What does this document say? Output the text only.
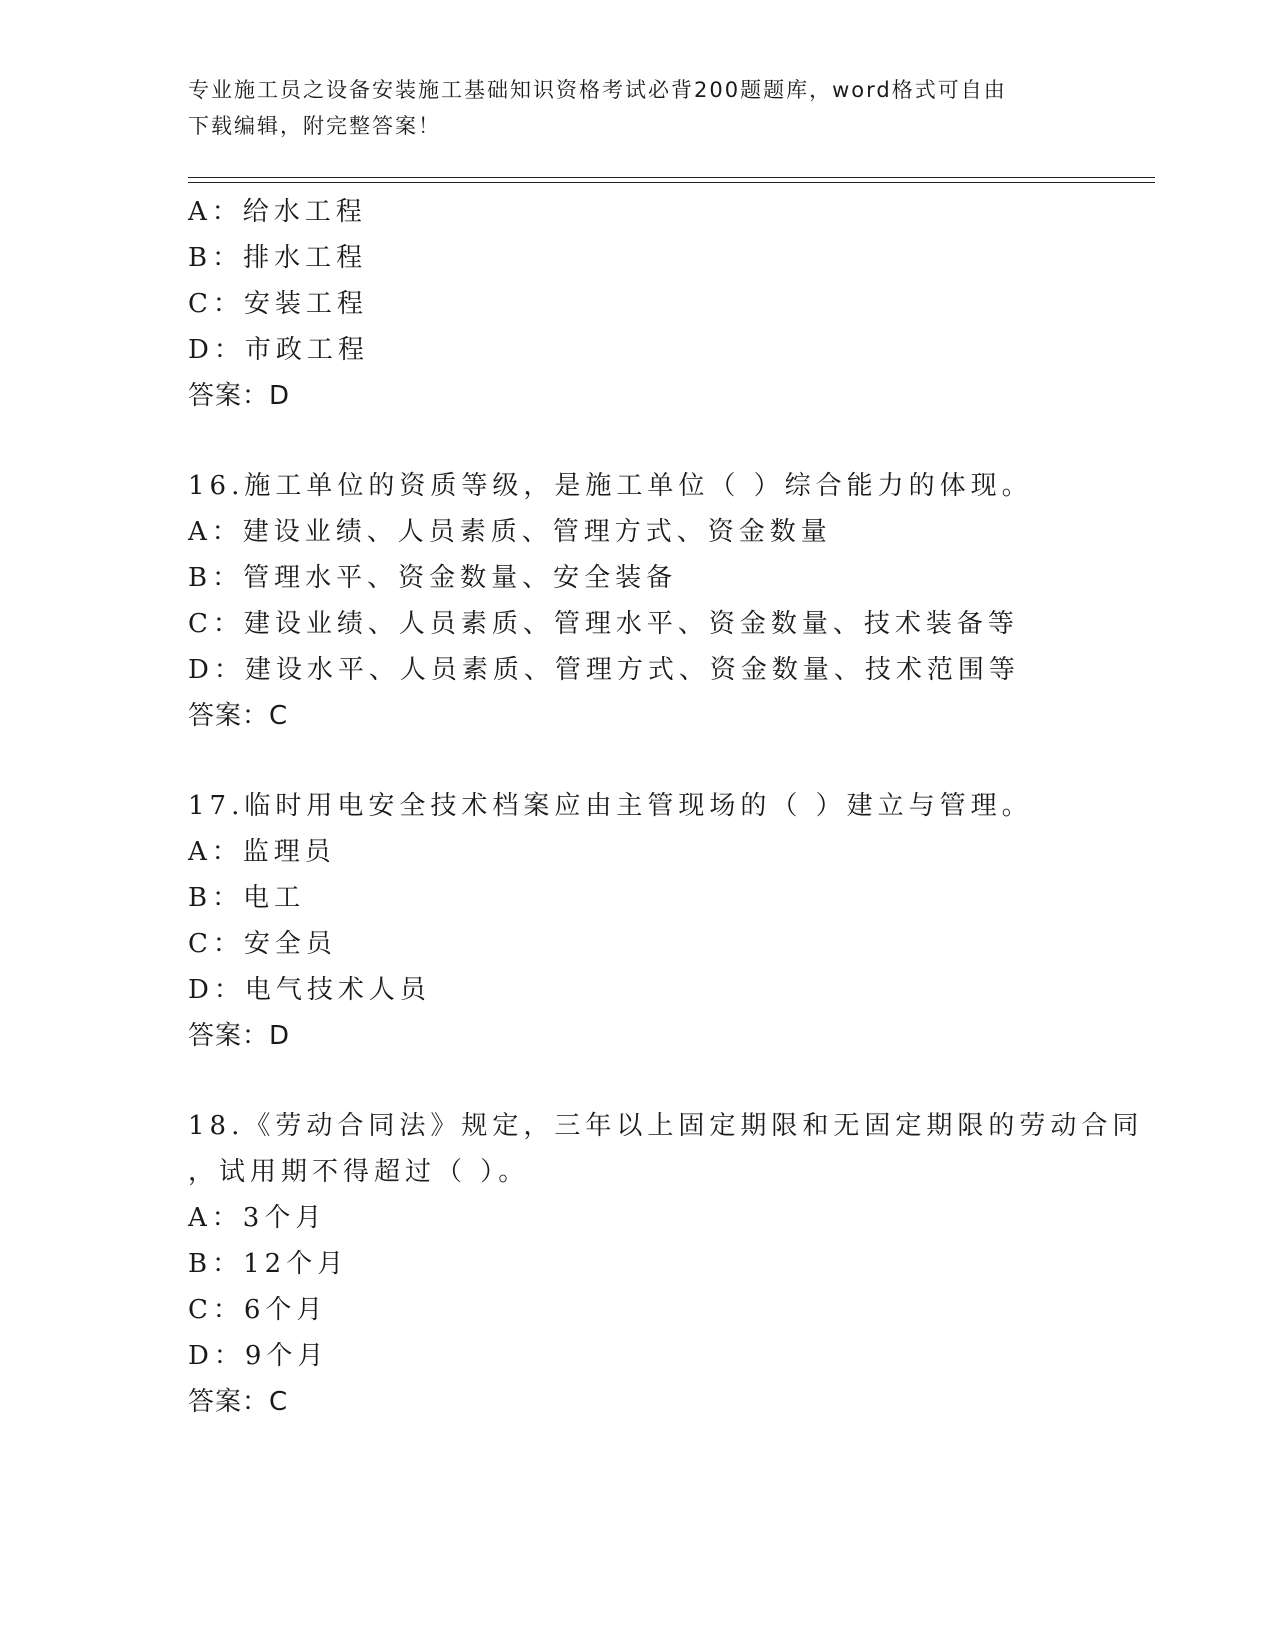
专业施工员之设备安装施工基础知识资格考试必背200题题库，word格式可自由
下载编辑，附完整答案！
A：给水工程
B：排水工程
C：安装工程
D：市政工程
答案：D
16.施工单位的资质等级，是施工单位（ ）综合能力的体现。
A：建设业绩、人员素质、管理方式、资金数量
B：管理水平、资金数量、安全装备
C：建设业绩、人员素质、管理水平、资金数量、技术装备等
D：建设水平、人员素质、管理方式、资金数量、技术范围等
答案：C
17.临时用电安全技术档案应由主管现场的（ ）建立与管理。
A：监理员
B：电工
C：安全员
D：电气技术人员
答案：D
18.《劳动合同法》规定，三年以上固定期限和无固定期限的劳动合同
，试用期不得超过（ ）。
A：3个月
B：12个月
C：6个月
D：9个月
答案：C
